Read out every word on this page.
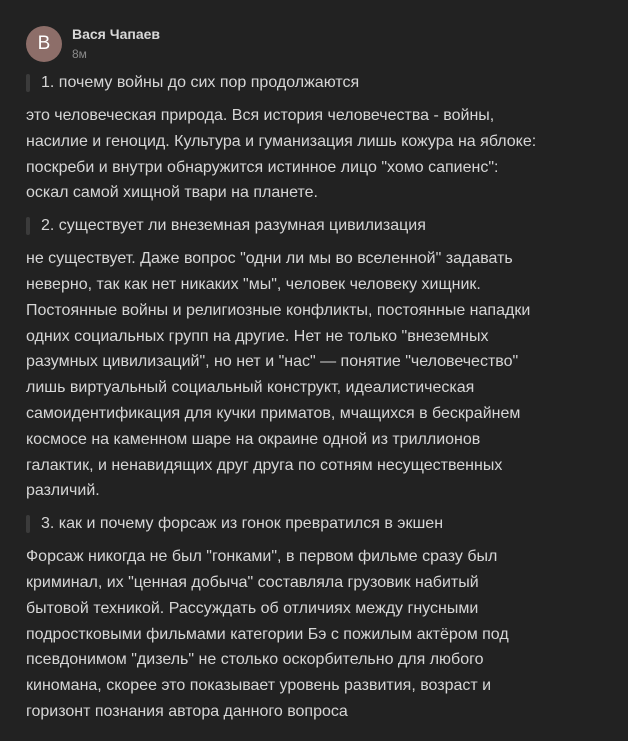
В Вася Чапаев
8м
1. почему войны до сих пор продолжаются
это человеческая природа. Вся история человечества - войны,
насилие и геноцид. Культура и гуманизация лишь кожура на яблоке:
поскреби и внутри обнаружится истинное лицо "хомо сапиенс":
оскал самой хищной твари на планете.
2. существует ли внеземная разумная цивилизация
не существует. Даже вопрос "одни ли мы во вселенной" задавать
неверно, так как нет никаких "мы", человек человеку хищник.
Постоянные войны и религиозные конфликты, постоянные нападки
одних социальных групп на другие. Нет не только "внеземных
разумных цивилизаций", но нет и "нас" — понятие "человечество"
лишь виртуальный социальный конструкт, идеалистическая
самоидентификация для кучки приматов, мчащихся в бескрайнем
космосе на каменном шаре на окраине одной из триллионов
галактик, и ненавидящих друг друга по сотням несущественных
различий.
3. как и почему форсаж из гонок превратился в экшен
Форсаж никогда не был "гонками", в первом фильме сразу был
криминал, их "ценная добыча" составляла грузовик набитый
бытовой техникой. Рассуждать об отличиях между гнусными
подростковыми фильмами категории Бэ с пожилым актёром под
псевдонимом "дизель" не столько оскорбительно для любого
киномана, скорее это показывает уровень развития, возраст и
горизонт познания автора данного вопроса
